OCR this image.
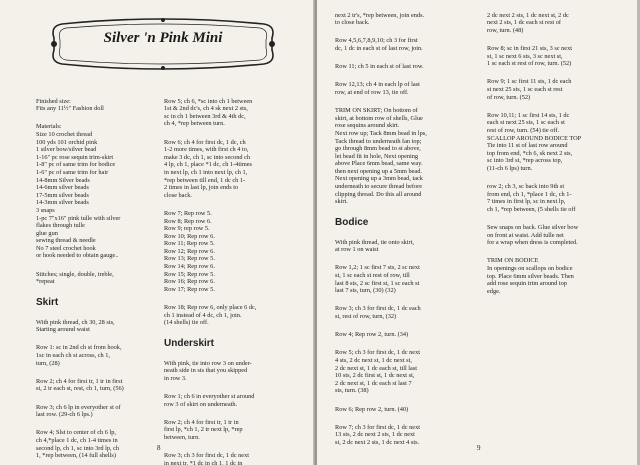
Silver 'n Pink Mini

Finished size:
Fits any 11½" Fashion doll

Materials:
Size 10 crochet thread
100 yds 101 orchid pink
1 silver bow/silver bead
1-16" pc rose sequin trim-skirt
1-8" pc of same trim for bodice
1-6" pc of same trim for hair
14-8mm Silver beads
14-6mm silver beads
17-5mm silver beads
14-3mm silver beads
3 snaps
1-pc 7"x16" pink tulle with silver
flakes through tulle
glue gun
sewing thread & needle
No 7 steel crochet hook
or hook needed to obtain gauge..

Stitches; single, double, treble,
*repeat

Skirt

With pink thread, ch 30, 28 sts,
Starting around waist

Row 1: sc in 2nd ch st from hook,
1sc in each ch st across, ch 1,
turn, (28)

Row 2; ch 4 for first tr, 1 tr in first
st, 2 tr each st, rest, ch 1, turn, (56)

Row 3; ch 6 lp in everyother st of
last row. (29-ch 6 lps.)

Row 4; Slst to center of ch 6 lp,
ch 4,*place 1 dc, ch 1-4 times in
second lp, ch 1, sc into 3rd lp, ch
1, *rep between, (14 full shells)

Row 5; ch 6, *sc into ch 1 between
1st & 2nd dc's, ch 4 sk next 2 sts,
sc in ch 1 between 3rd & 4th dc,
ch 4, *rep between turn.

Row 6; ch 4 for first dc, 1 dc, ch
1-2 more times, with first ch 4 to,
make 3 dc, ch 1, sc into second ch
4 lp, ch 1, place *1 dc, ch 1-4times
in next lp, ch 1 into next lp, ch 1,
*rep between till end, 1 dc ch 1-
2 times in last lp, join ends to
close back.

Row 7; Rep row 5.
Row 8; Rep row 6.
Row 9; rep row 5.
Row 10; Rep row 6.
Row 11; Rep row 5.
Row 12; Rep row 6.
Row 13; Rep row 5.
Row 14; Rep row 6.
Row 15; Rep row 5.
Row 16; Rep row 6.
Row 17; Rep row 5.

Row 18; Rep row 6, only place 6 dc,
ch 1 instead of 4 dc, ch 1, join.
(14 shells) tie off.

Underskirt

With pink, tie into row 3 on under-
neath side in sts that you skipped
in row 3.

Row 1; ch 6 in everyother st around
row 3 of skirt on underneath.

Row 2; ch 4 for first tr, 1 tr in
first lp, *ch 1, 2 tr next lp, *rep
between, turn.

Row 3; ch 3 for first dc, 1 dc next
in next tr, *1 dc in ch 1, 1 dc in

8

next 2 tr's, *rep between, join ends.
to close back.

Row 4,5,6,7,8,9,10; ch 3 for first
dc, 1 dc in each st of last row, join.

Row 11; ch 5 in each st of last row.

Row 12,13; ch 4 in each lp of last
row, at end of row 13, tie off.

TRIM ON SKIRT; On bottom of
skirt, at bottom row of shells, Glue
rose sequins around skirt.
Next row up; Tack 8mm bead in lps,
Tack thread to underneath fan top;
go through 8mm bead to st above,
let bead fit in hole, Next opening
above Place 6mm bead, same way.
then next opening up a 5mm bead.
Next opening up a 3mm bead, tack
underneath to secure thread before
clipping thread. Do this all around
skirt.

Bodice

With pink thread, tie onto skirt,
at row 1 on waist

Row 1,2; 1 sc first 7 sts, 2 sc next
st, 1 sc each st rest of row, till
last 8 sts, 2 sc first st, 1 sc each st
last 7 sts, turn, (30) (32)

Row 3; ch 3 for first dc, 1 dc each
st, rest of row, turn, (32)

Row 4; Rep row 2, turn. (34)

Row 5; ch 3 for first dc, 1 dc next
4 sts, 2 dc next st, 1 dc next st,
2 dc next st, 1 dc each st, till last
10 sts, 2 dc first st, 1 dc next st,
2 dc next st, 1 dc each st last 7
sts, turn. (38)

Row 6; Rep row 2, turn. (40)

Row 7; ch 3 for first dc, 1 dc next
13 sts, 2 dc next 2 sts, 1 dc next
st, 2 dc next 2 sts, 1 dc next 4 sts.

2 dc next 2 sts, 1 dc next st, 2 dc
next 2 sts, 1 dc each st rest of
row, turn. (48)

Row 8; sc in first 21 sts, 3 sc next
st, 1 sc next 6 sts, 3 sc next st,
1 sc each st rest of row, turn. (52)

Row 9; 1 sc first 11 sts, 1 dc each
st next 25 sts, 1 sc each st rest
of row, turn. (52)

Row 10,11; 1 sc first 14 sts, 1 dc
each st next 25 sts, 1 sc each st
rest of row, turn. (54) tie off.
SCALLOP AROUND BODICE TOP
Tie into 11 st of last row around
top from end, *ch 6, sk next 2 sts,
sc into 3rd st, *rep across top,
(11-ch 6 lps) turn.

row 2; ch 3, sc back into 9th st
from end, ch 1, *place 1 dc, ch 1-
7 times in first lp, sc in next lp,
ch 1, *rep between, (5 shells tie off

Sew snaps on back. Glue silver bow
on front at waist. Add tulle net
for a wrap when dress is completed.

TRIM ON BODICE
In openings on scallops on bodice
top. Place 6mm silver beads. Then
add rose sequin trim around top
edge.

9
